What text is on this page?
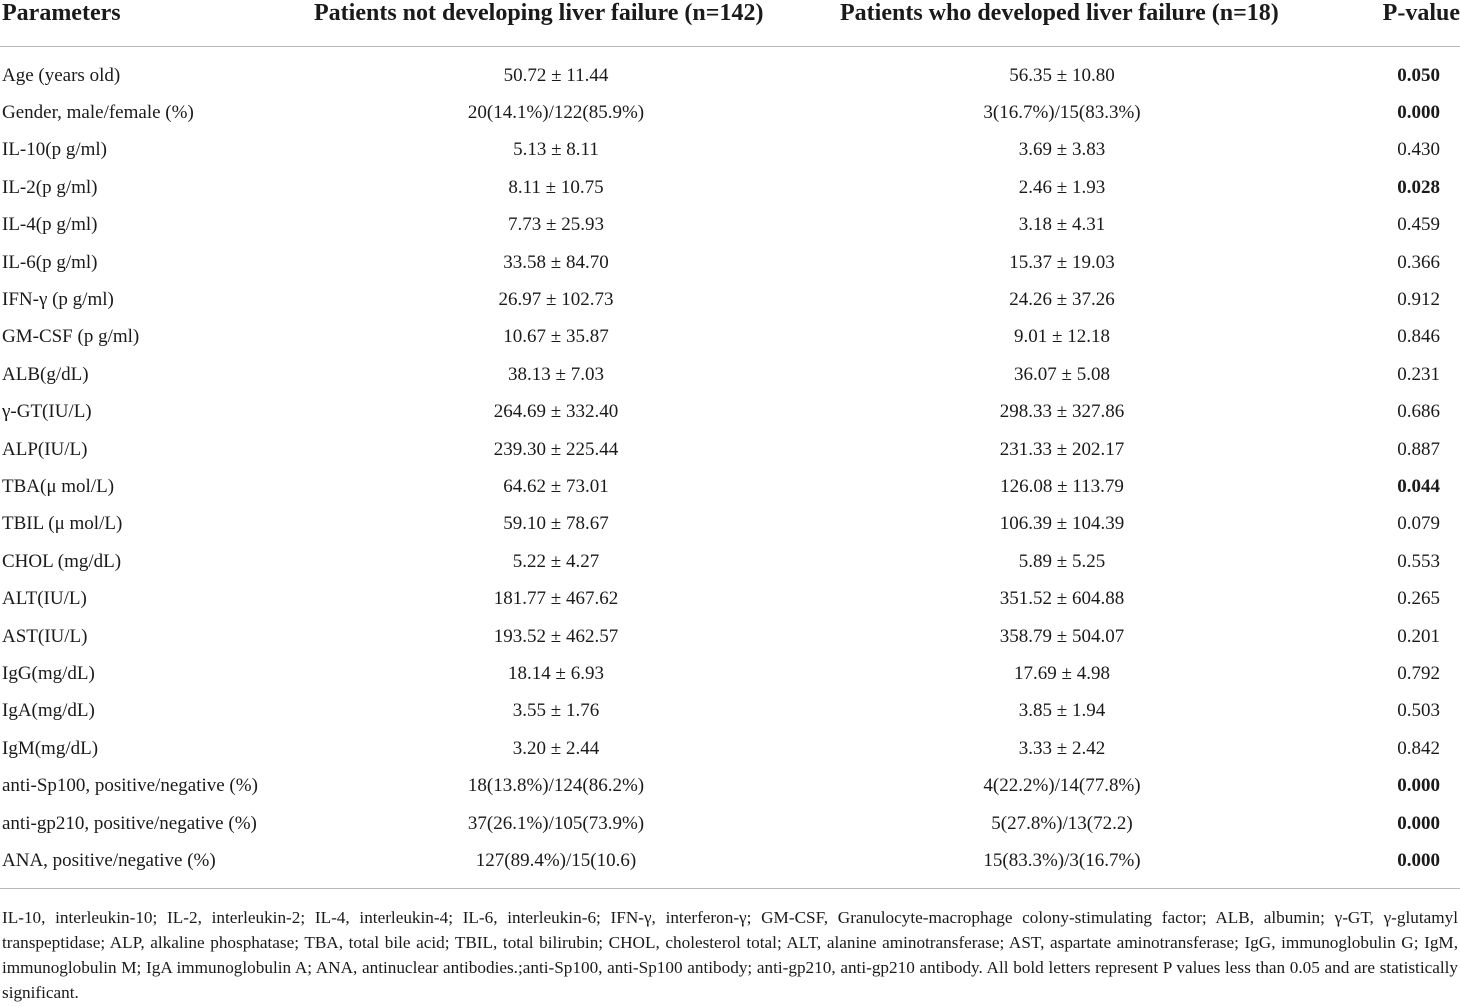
Parameters	Patients not developing liver failure (n=142)	Patients who developed liver failure (n=18)	P-value
Age (years old)	50.72 ± 11.44	56.35 ± 10.80	0.050
Gender, male/female (%)	20(14.1%)/122(85.9%)	3(16.7%)/15(83.3%)	0.000
IL-10(p g/ml)	5.13 ± 8.11	3.69 ± 3.83	0.430
IL-2(p g/ml)	8.11 ± 10.75	2.46 ± 1.93	0.028
IL-4(p g/ml)	7.73 ± 25.93	3.18 ± 4.31	0.459
IL-6(p g/ml)	33.58 ± 84.70	15.37 ± 19.03	0.366
IFN-γ (p g/ml)	26.97 ± 102.73	24.26 ± 37.26	0.912
GM-CSF (p g/ml)	10.67 ± 35.87	9.01 ± 12.18	0.846
ALB(g/dL)	38.13 ± 7.03	36.07 ± 5.08	0.231
γ-GT(IU/L)	264.69 ± 332.40	298.33 ± 327.86	0.686
ALP(IU/L)	239.30 ± 225.44	231.33 ± 202.17	0.887
TBA(μ mol/L)	64.62 ± 73.01	126.08 ± 113.79	0.044
TBIL (μ mol/L)	59.10 ± 78.67	106.39 ± 104.39	0.079
CHOL (mg/dL)	5.22 ± 4.27	5.89 ± 5.25	0.553
ALT(IU/L)	181.77 ± 467.62	351.52 ± 604.88	0.265
AST(IU/L)	193.52 ± 462.57	358.79 ± 504.07	0.201
IgG(mg/dL)	18.14 ± 6.93	17.69 ± 4.98	0.792
IgA(mg/dL)	3.55 ± 1.76	3.85 ± 1.94	0.503
IgM(mg/dL)	3.20 ± 2.44	3.33 ± 2.42	0.842
anti-Sp100, positive/negative (%)	18(13.8%)/124(86.2%)	4(22.2%)/14(77.8%)	0.000
anti-gp210, positive/negative (%)	37(26.1%)/105(73.9%)	5(27.8%)/13(72.2)	0.000
ANA, positive/negative (%)	127(89.4%)/15(10.6)	15(83.3%)/3(16.7%)	0.000

IL-10, interleukin-10; IL-2, interleukin-2; IL-4, interleukin-4; IL-6, interleukin-6; IFN-γ, interferon-γ; GM-CSF, Granulocyte-macrophage colony-stimulating factor; ALB, albumin; γ-GT, γ-glutamyl transpeptidase; ALP, alkaline phosphatase; TBA, total bile acid; TBIL, total bilirubin; CHOL, cholesterol total; ALT, alanine aminotransferase; AST, aspartate aminotransferase; IgG, immunoglobulin G; IgM, immunoglobulin M; IgA immunoglobulin A; ANA, antinuclear antibodies.;anti-Sp100, anti-Sp100 antibody; anti-gp210, anti-gp210 antibody. All bold letters represent P values less than 0.05 and are statistically significant.
